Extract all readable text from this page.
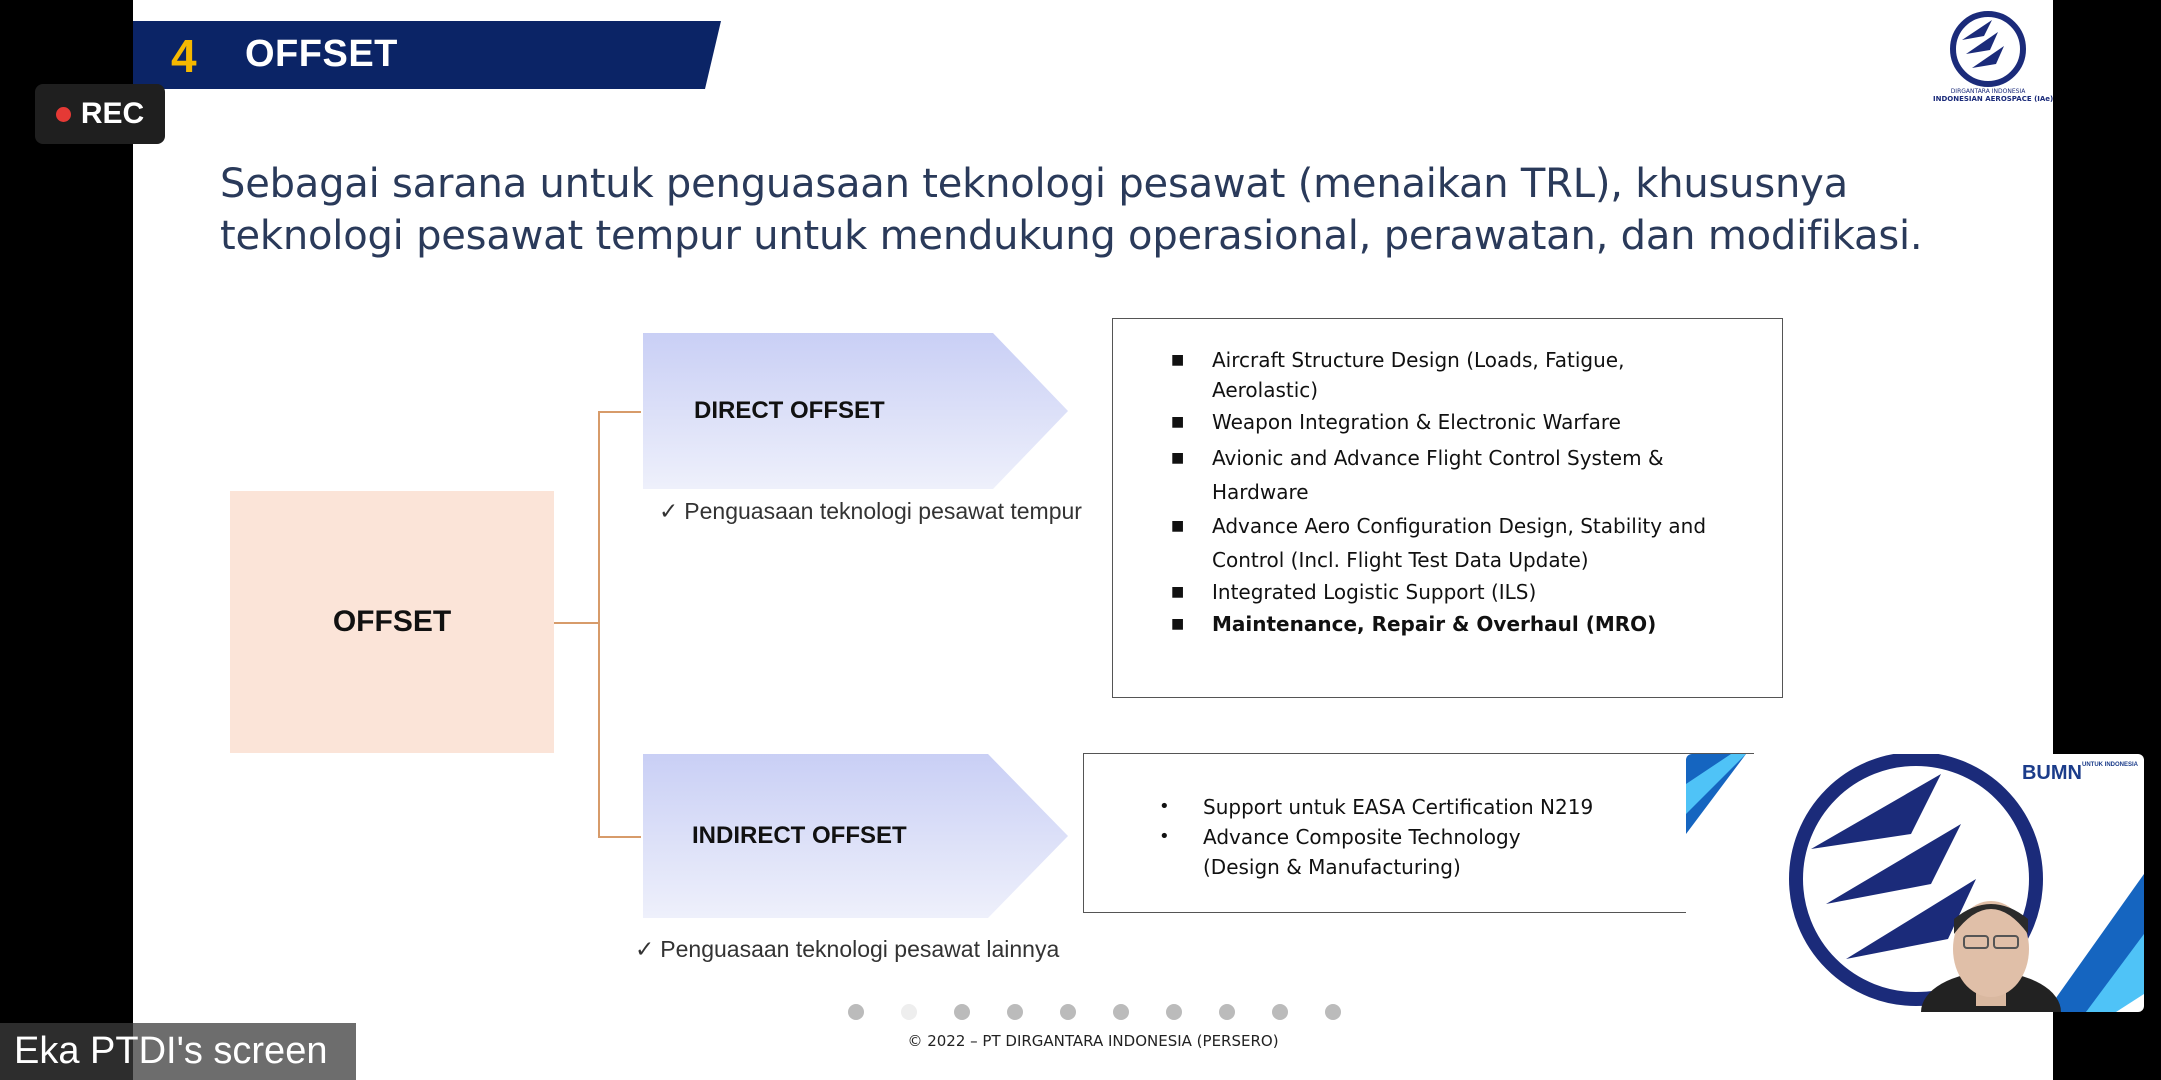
4 OFFSET
DIRGANTARA INDONESIA
INDONESIAN AEROSPACE (IAe)
Sebagai sarana untuk penguasaan teknologi pesawat (menaikan TRL), khususnya teknologi pesawat tempur untuk mendukung operasional, perawatan, dan modifikasi.
OFFSET
DIRECT OFFSET
✓ Penguasaan teknologi pesawat tempur
■ Aircraft Structure Design (Loads, Fatigue,
Aerolastic)
■ Weapon Integration & Electronic Warfare
■ Avionic and Advance Flight Control System &
Hardware
■ Advance Aero Configuration Design, Stability and
Control (Incl. Flight Test Data Update)
■ Integrated Logistic Support (ILS)
■ Maintenance, Repair & Overhaul (MRO)
INDIRECT OFFSET
✓ Penguasaan teknologi pesawat lainnya
• Support untuk EASA Certification N219
• Advance Composite Technology
(Design & Manufacturing)
© 2022 – PT DIRGANTARA INDONESIA (PERSERO)
REC
$BUMN^{UNTUK INDONESIA}$
Eka PTDI's screen
